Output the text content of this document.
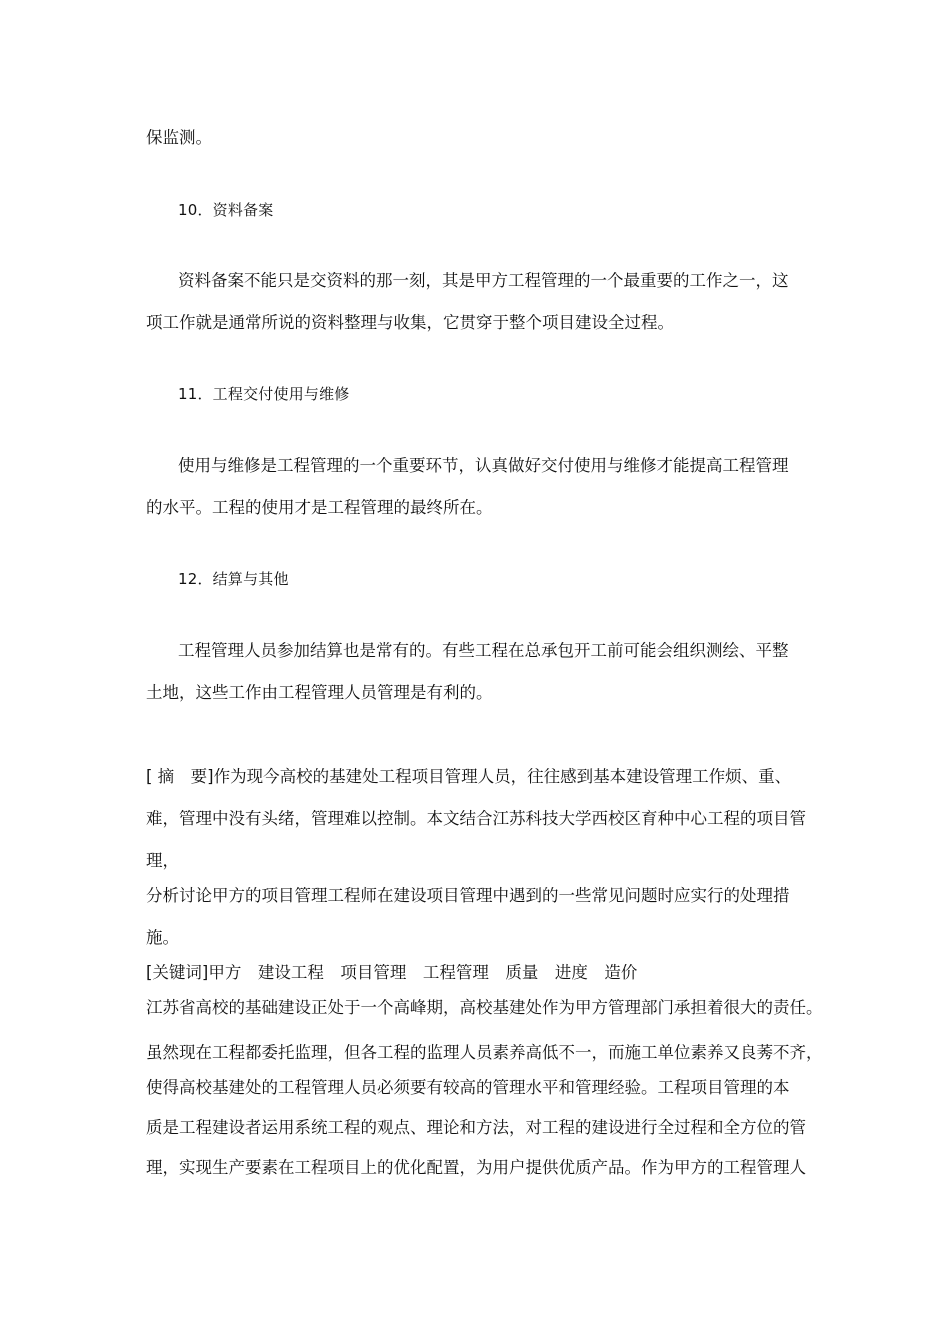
保监测。
10．资料备案
资料备案不能只是交资料的那一刻，其是甲方工程管理的一个最重要的工作之一，这
项工作就是通常所说的资料整理与收集，它贯穿于整个项目建设全过程。
11．工程交付使用与维修
使用与维修是工程管理的一个重要环节，认真做好交付使用与维修才能提高工程管理
的水平。工程的使用才是工程管理的最终所在。
12．结算与其他
工程管理人员参加结算也是常有的。有些工程在总承包开工前可能会组织测绘、平整
土地，这些工作由工程管理人员管理是有利的。
[ 摘　要]作为现今高校的基建处工程项目管理人员，往往感到基本建设管理工作烦、重、
难，管理中没有头绪，管理难以控制。本文结合江苏科技大学西校区育种中心工程的项目管
理，
分析讨论甲方的项目管理工程师在建设项目管理中遇到的一些常见问题时应实行的处理措
施。
[关键词]甲方　建设工程　项目管理　工程管理　质量　进度　造价
江苏省高校的基础建设正处于一个高峰期，高校基建处作为甲方管理部门承担着很大的责任。
虽然现在工程都委托监理，但各工程的监理人员素养高低不一，而施工单位素养又良莠不齐，
使得高校基建处的工程管理人员必须要有较高的管理水平和管理经验。工程项目管理的本
质是工程建设者运用系统工程的观点、理论和方法，对工程的建设进行全过程和全方位的管
理，实现生产要素在工程项目上的优化配置，为用户提供优质产品。作为甲方的工程管理人
